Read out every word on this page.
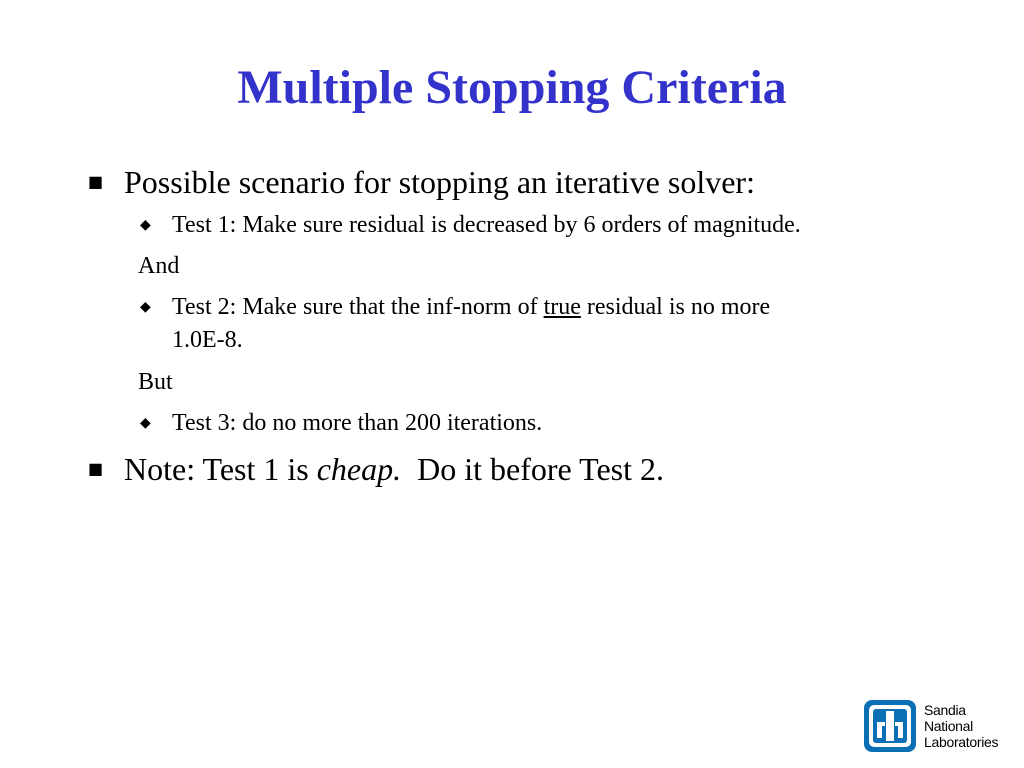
Multiple Stopping Criteria
■ Possible scenario for stopping an iterative solver:
◆ Test 1: Make sure residual is decreased by 6 orders of magnitude.
And
◆ Test 2: Make sure that the inf-norm of true residual is no more
1.0E-8.
But
◆ Test 3: do no more than 200 iterations.
■ Note: Test 1 is cheap.  Do it before Test 2.
Sandia
National
Laboratories
